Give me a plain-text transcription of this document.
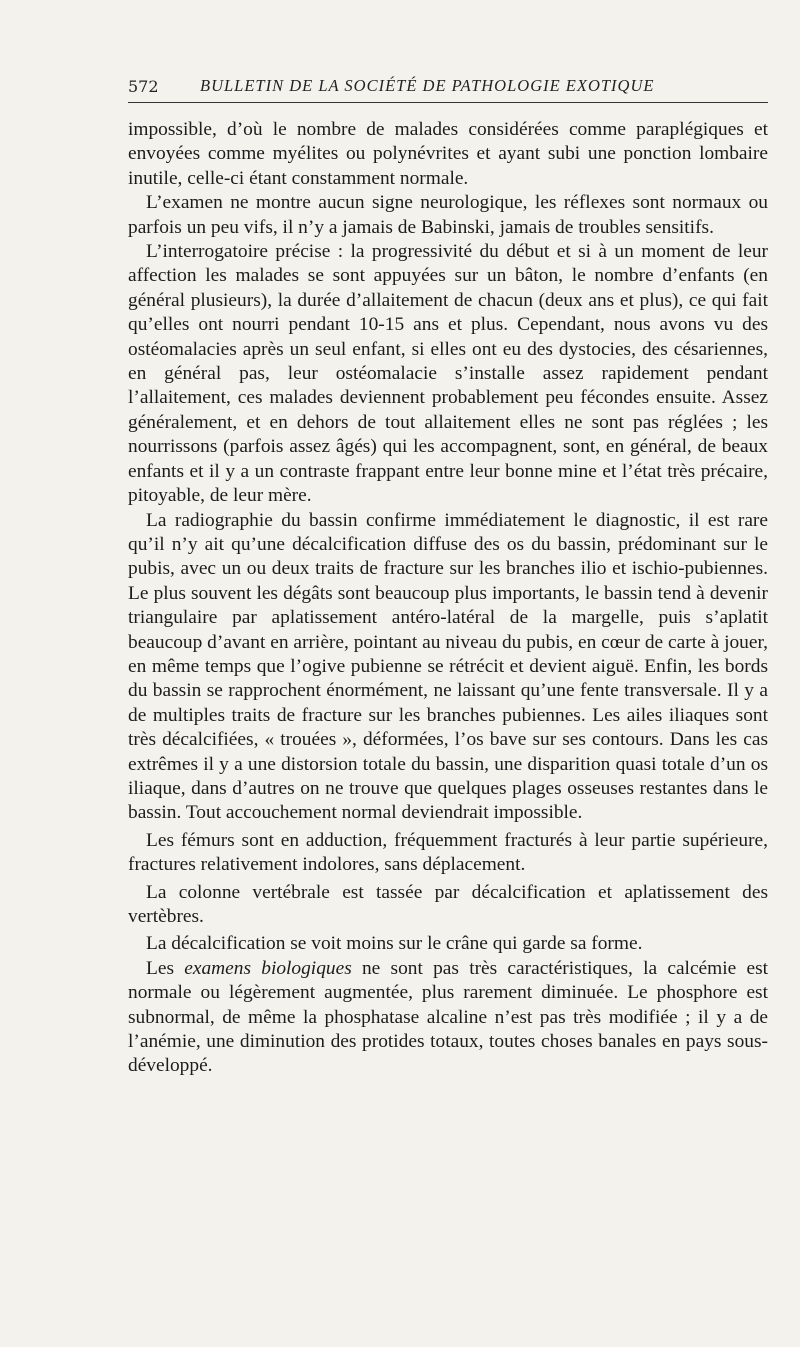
572	BULLETIN DE LA SOCIÉTÉ DE PATHOLOGIE EXOTIQUE

impossible, d’où le nombre de malades considérées comme paraplégiques et envoyées comme myélites ou polynévrites et ayant subi une ponction lombaire inutile, celle-ci étant constamment normale.

L’examen ne montre aucun signe neurologique, les réflexes sont normaux ou parfois un peu vifs, il n’y a jamais de Babinski, jamais de troubles sensitifs.

L’interrogatoire précise : la progressivité du début et si à un moment de leur affection les malades se sont appuyées sur un bâton, le nombre d’enfants (en général plusieurs), la durée d’allaitement de chacun (deux ans et plus), ce qui fait qu’elles ont nourri pendant 10-15 ans et plus. Cependant, nous avons vu des ostéomalacies après un seul enfant, si elles ont eu des dystocies, des césariennes, en général pas, leur ostéomalacie s’installe assez rapidement pendant l’allaitement, ces malades deviennent probablement peu fécondes ensuite. Assez généralement, et en dehors de tout allaitement elles ne sont pas réglées ; les nourrissons (parfois assez âgés) qui les accompagnent, sont, en général, de beaux enfants et il y a un contraste frappant entre leur bonne mine et l’état très précaire, pitoyable, de leur mère.

La radiographie du bassin confirme immédiatement le diagnostic, il est rare qu’il n’y ait qu’une décalcification diffuse des os du bassin, prédominant sur le pubis, avec un ou deux traits de fracture sur les branches ilio et ischio-pubiennes. Le plus souvent les dégâts sont beaucoup plus importants, le bassin tend à devenir triangulaire par aplatissement antéro-latéral de la margelle, puis s’aplatit beaucoup d’avant en arrière, pointant au niveau du pubis, en cœur de carte à jouer, en même temps que l’ogive pubienne se rétrécit et devient aiguë. Enfin, les bords du bassin se rapprochent énormément, ne laissant qu’une fente transversale. Il y a de multiples traits de fracture sur les branches pubiennes. Les ailes iliaques sont très décalcifiées, « trouées », déformées, l’os bave sur ses contours. Dans les cas extrêmes il y a une distorsion totale du bassin, une disparition quasi totale d’un os iliaque, dans d’autres on ne trouve que quelques plages osseuses restantes dans le bassin. Tout accouchement normal deviendrait impossible.

Les fémurs sont en adduction, fréquemment fracturés à leur partie supérieure, fractures relativement indolores, sans déplacement.

La colonne vertébrale est tassée par décalcification et aplatissement des vertèbres.

La décalcification se voit moins sur le crâne qui garde sa forme.

Les examens biologiques ne sont pas très caractéristiques, la calcémie est normale ou légèrement augmentée, plus rarement diminuée. Le phosphore est subnormal, de même la phosphatase alcaline n’est pas très modifiée ; il y a de l’anémie, une diminution des protides totaux, toutes choses banales en pays sous-développé.
